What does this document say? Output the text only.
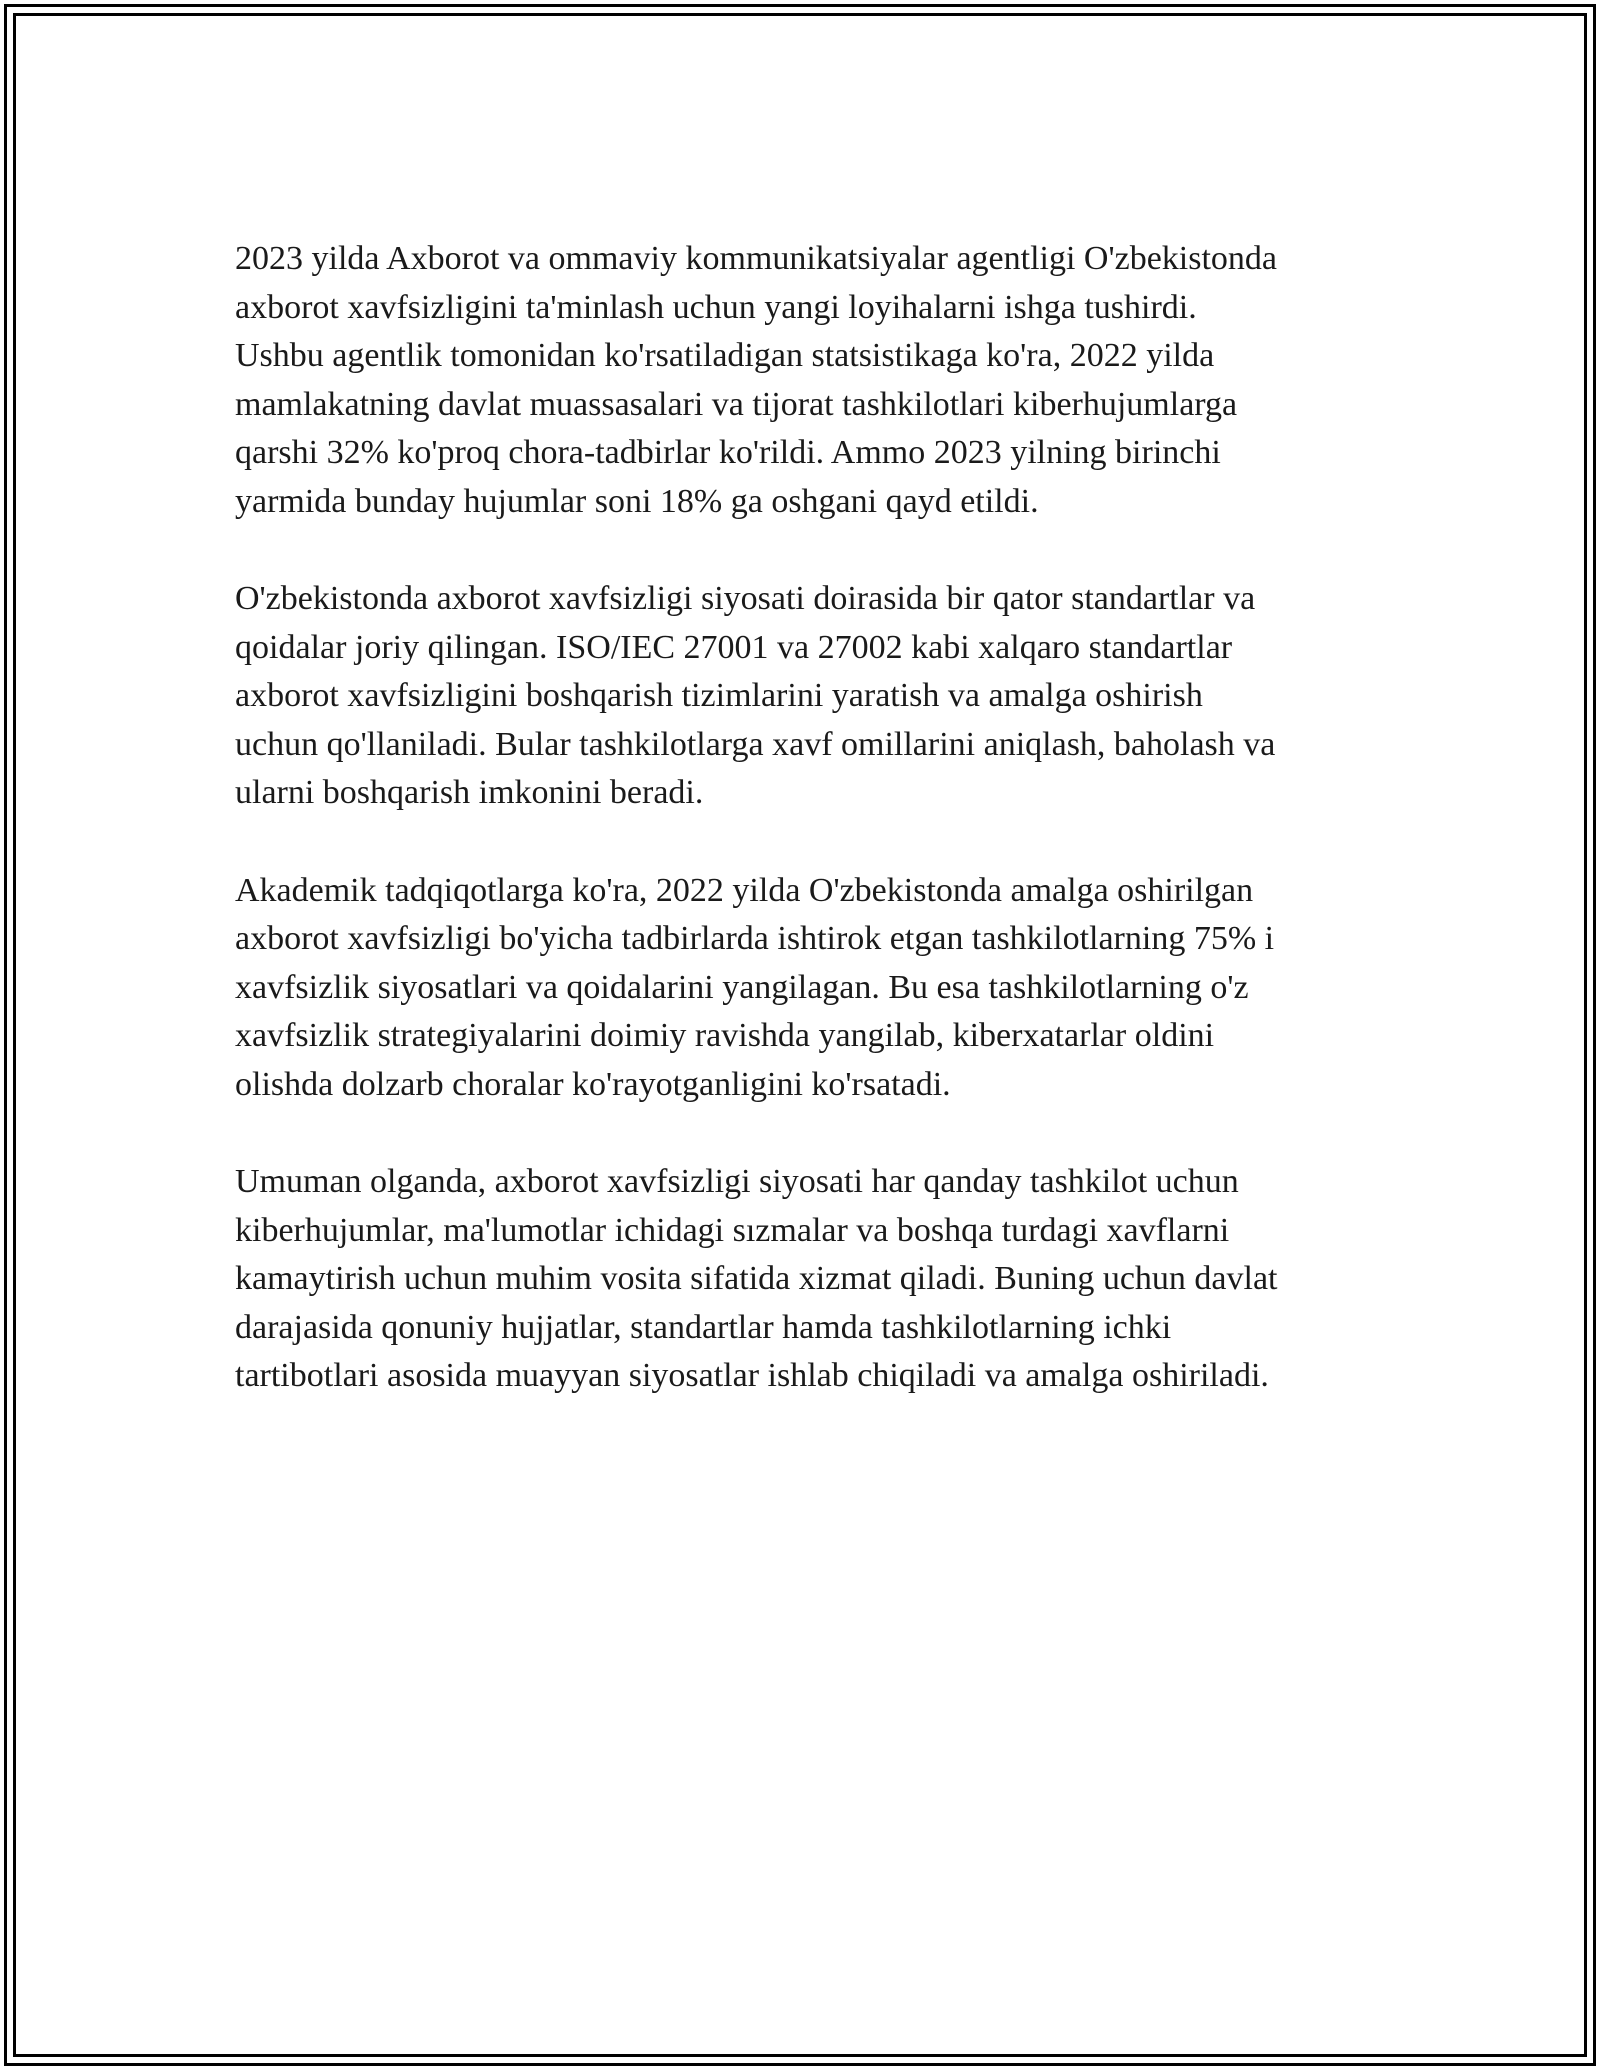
2023 yilda Axborot va ommaviy kommunikatsiyalar agentligi O'zbekistonda
axborot xavfsizligini ta'minlash uchun yangi loyihalarni ishga tushirdi.
Ushbu agentlik tomonidan ko'rsatiladigan statsistikaga ko'ra, 2022 yilda
mamlakatning davlat muassasalari va tijorat tashkilotlari kiberhujumlarga
qarshi 32% ko'proq chora-tadbirlar ko'rildi. Ammo 2023 yilning birinchi
yarmida bunday hujumlar soni 18% ga oshgani qayd etildi.

O'zbekistonda axborot xavfsizligi siyosati doirasida bir qator standartlar va
qoidalar joriy qilingan. ISO/IEC 27001 va 27002 kabi xalqaro standartlar
axborot xavfsizligini boshqarish tizimlarini yaratish va amalga oshirish
uchun qo'llaniladi. Bular tashkilotlarga xavf omillarini aniqlash, baholash va
ularni boshqarish imkonini beradi.

Akademik tadqiqotlarga ko'ra, 2022 yilda O'zbekistonda amalga oshirilgan
axborot xavfsizligi bo'yicha tadbirlarda ishtirok etgan tashkilotlarning 75% i
xavfsizlik siyosatlari va qoidalarini yangilagan. Bu esa tashkilotlarning o'z
xavfsizlik strategiyalarini doimiy ravishda yangilab, kiberxatarlar oldini
olishda dolzarb choralar ko'rayotganligini ko'rsatadi.

Umuman olganda, axborot xavfsizligi siyosati har qanday tashkilot uchun
kiberhujumlar, ma'lumotlar ichidagi sızmalar va boshqa turdagi xavflarni
kamaytirish uchun muhim vosita sifatida xizmat qiladi. Buning uchun davlat
darajasida qonuniy hujjatlar, standartlar hamda tashkilotlarning ichki
tartibotlari asosida muayyan siyosatlar ishlab chiqiladi va amalga oshiriladi.
